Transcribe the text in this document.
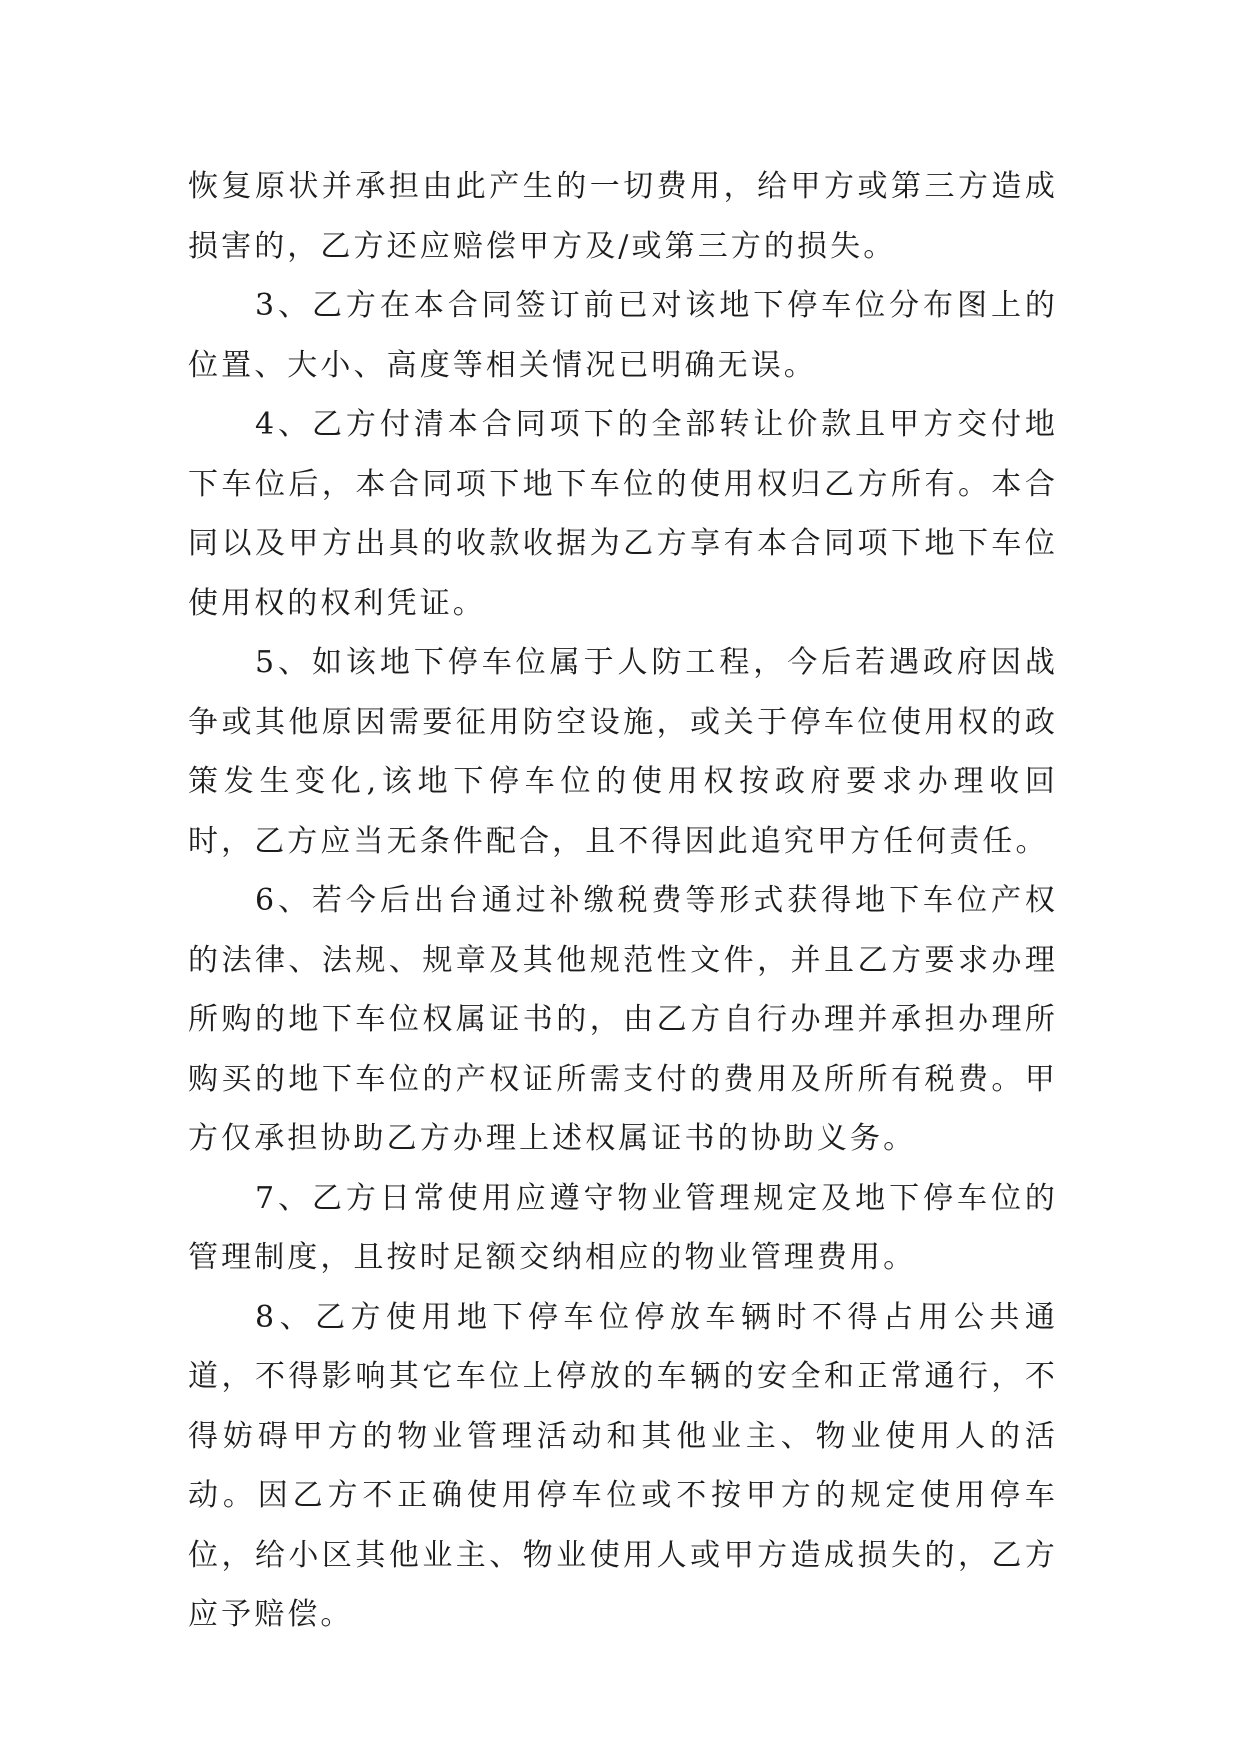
恢复原状并承担由此产生的一切费用，给甲方或第三方造成损害的，乙方还应赔偿甲方及/或第三方的损失。

3、乙方在本合同签订前已对该地下停车位分布图上的位置、大小、高度等相关情况已明确无误。

4、乙方付清本合同项下的全部转让价款且甲方交付地下车位后，本合同项下地下车位的使用权归乙方所有。本合同以及甲方出具的收款收据为乙方享有本合同项下地下车位使用权的权利凭证。

5、如该地下停车位属于人防工程，今后若遇政府因战争或其他原因需要征用防空设施，或关于停车位使用权的政策发生变化,该地下停车位的使用权按政府要求办理收回时，乙方应当无条件配合，且不得因此追究甲方任何责任。

6、若今后出台通过补缴税费等形式获得地下车位产权的法律、法规、规章及其他规范性文件，并且乙方要求办理所购的地下车位权属证书的，由乙方自行办理并承担办理所购买的地下车位的产权证所需支付的费用及所所有税费。甲方仅承担协助乙方办理上述权属证书的协助义务。

7、乙方日常使用应遵守物业管理规定及地下停车位的管理制度，且按时足额交纳相应的物业管理费用。

8、乙方使用地下停车位停放车辆时不得占用公共通道，不得影响其它车位上停放的车辆的安全和正常通行，不得妨碍甲方的物业管理活动和其他业主、物业使用人的活动。因乙方不正确使用停车位或不按甲方的规定使用停车位，给小区其他业主、物业使用人或甲方造成损失的，乙方应予赔偿。
